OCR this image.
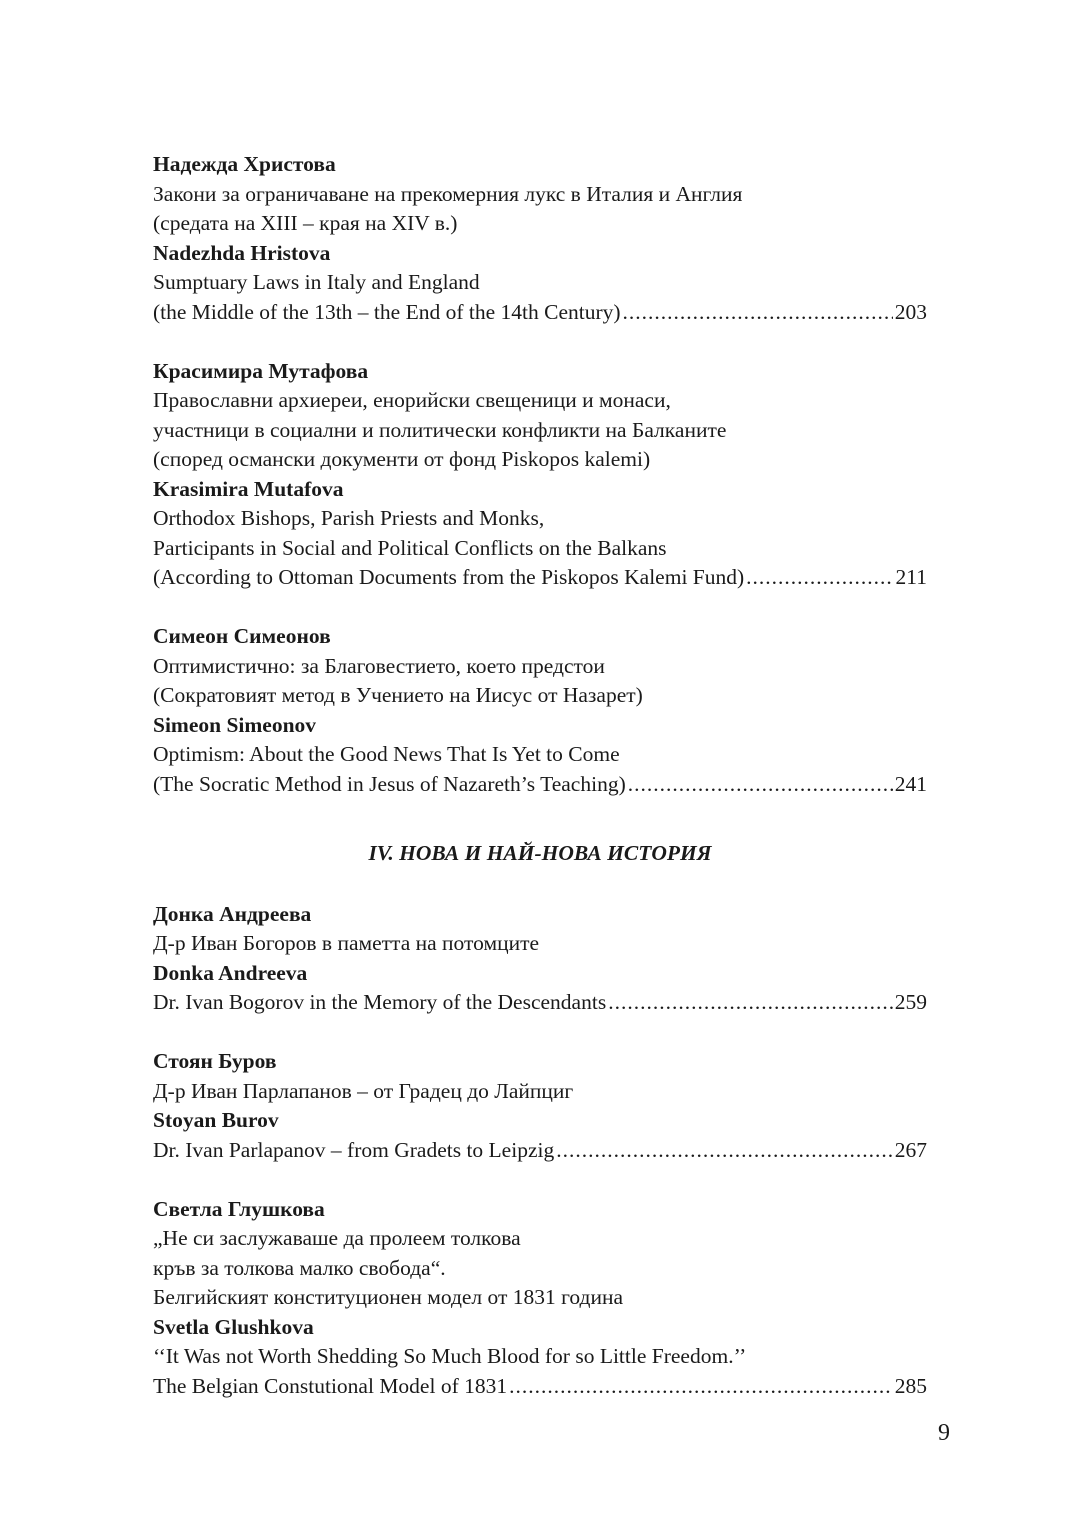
Надежда Христова
Закони за ограничаване на прекомерния лукс в Италия и Англия
(средата на XIII – края на XIV в.)
Nadezhda Hristova
Sumptuary Laws in Italy and England
(the Middle of the 13th – the End of the 14th Century) .....	203
Красимира Мутафова
Православни архиереи, енорийски свещеници и монаси,
участници в социални и политически конфликти на Балканите
(според османски документи от фонд Piskopos kalemi)
Krasimira Mutafova
Orthodox Bishops, Parish Priests and Monks,
Participants in Social and Political Conflicts on the Balkans
(According to Ottoman Documents from the Piskopos Kalemi Fund) .....	211
Симеон Симеонов
Оптимистично: за Благовестието, което предстои
(Сократовият метод в Учението на Иисус от Назарет)
Simeon Simeonov
Optimism: About the Good News That Is Yet to Come
(The Socratic Method in Jesus of Nazareth’s Teaching) .....	241
IV. НОВА И НАЙ-НОВА ИСТОРИЯ
Донка Андреева
Д-р Иван Богоров в паметта на потомците
Donka Andreeva
Dr. Ivan Bogorov in the Memory of the Descendants .....	259
Стоян Буров
Д-р Иван Парлапанов – от Градец до Лайпциг
Stoyan Burov
Dr. Ivan Parlapanov – from Gradets to Leipzig .....	267
Светла Глушкова
„Не си заслужаваше да пролеем толкова
кръв за толкова малко свобода“.
Белгийският конституционен модел от 1831 година
Svetla Glushkova
‘‘It Was not Worth Shedding So Much Blood for so Little Freedom.’’
The Belgian Constutional Model of 1831 .....	285
9
